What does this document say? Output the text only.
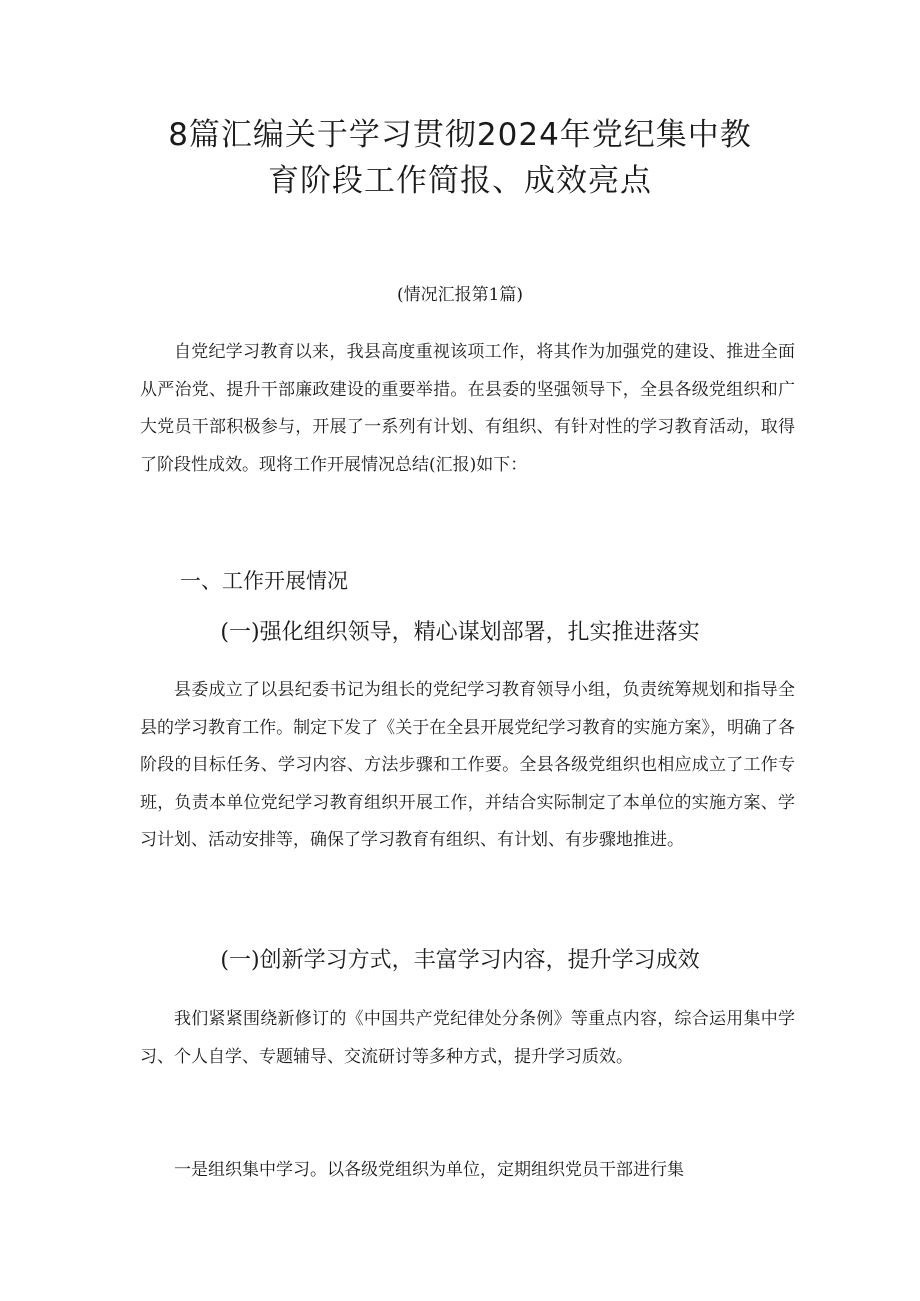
8篇汇编关于学习贯彻2024年党纪集中教
育阶段工作简报、成效亮点
(情况汇报第1篇)

自党纪学习教育以来，我县高度重视该项工作，将其作为加强党的建设、推进全面从严治党、提升干部廉政建设的重要举措。在县委的坚强领导下，全县各级党组织和广大党员干部积极参与，开展了一系列有计划、有组织、有针对性的学习教育活动，取得了阶段性成效。现将工作开展情况总结(汇报)如下：

一、工作开展情况
(一)强化组织领导，精心谋划部署，扎实推进落实

县委成立了以县纪委书记为组长的党纪学习教育领导小组，负责统筹规划和指导全县的学习教育工作。制定下发了《关于在全县开展党纪学习教育的实施方案》，明确了各阶段的目标任务、学习内容、方法步骤和工作要。全县各级党组织也相应成立了工作专班，负责本单位党纪学习教育组织开展工作，并结合实际制定了本单位的实施方案、学习计划、活动安排等，确保了学习教育有组织、有计划、有步骤地推进。

(一)创新学习方式，丰富学习内容，提升学习成效

我们紧紧围绕新修订的《中国共产党纪律处分条例》等重点内容，综合运用集中学习、个人自学、专题辅导、交流研讨等多种方式，提升学习质效。

一是组织集中学习。以各级党组织为单位，定期组织党员干部进行集
